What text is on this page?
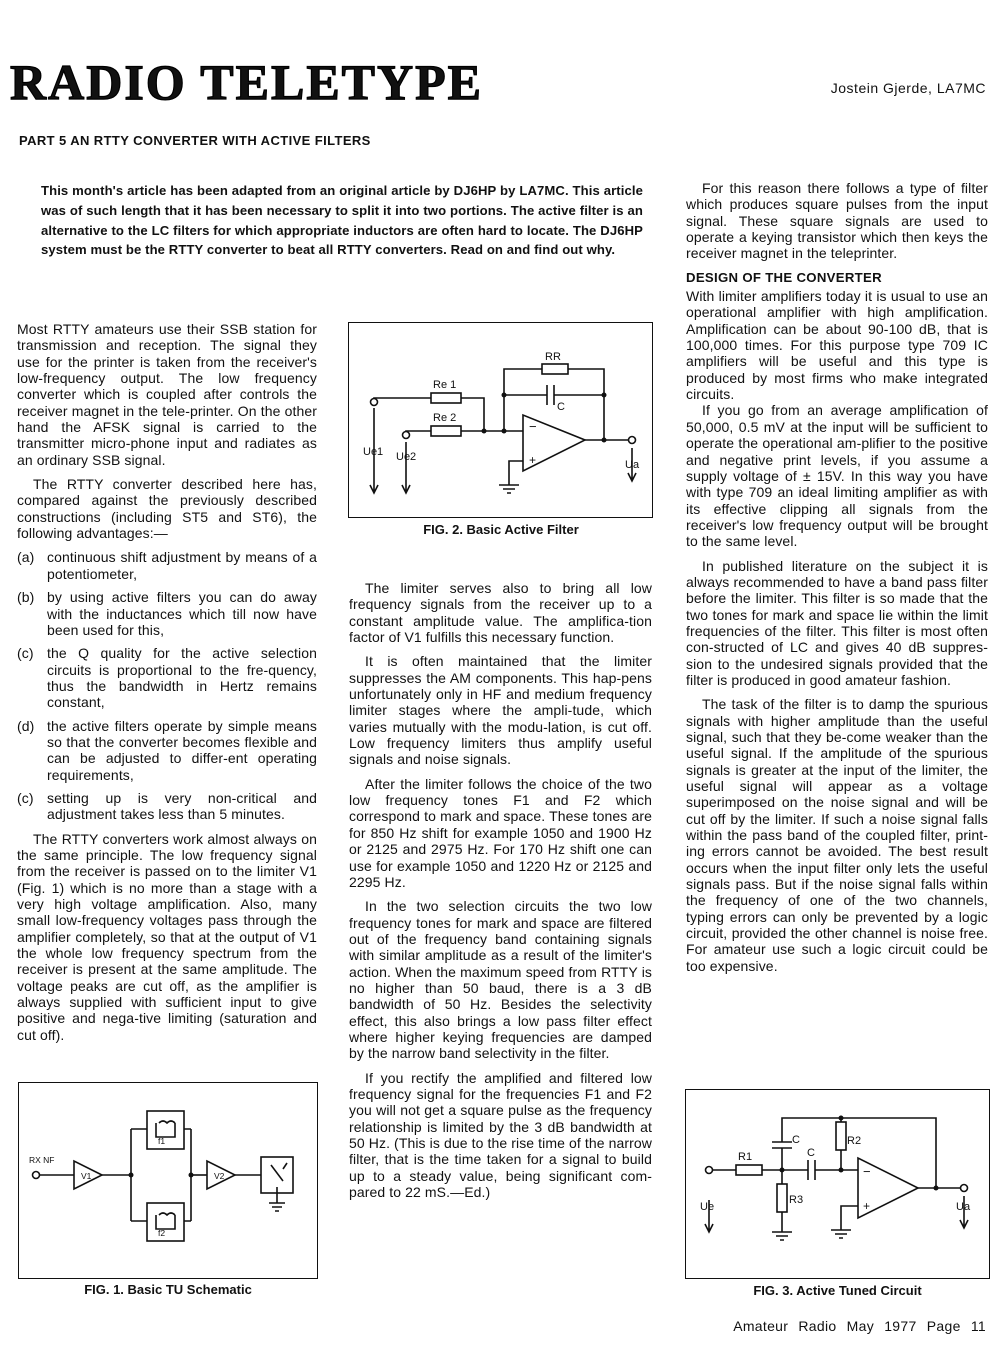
RADIO TELETYPE	Jostein Gjerde, LA7MC
PART 5 AN RTTY CONVERTER WITH ACTIVE FILTERS
This month's article has been adapted from an original article by DJ6HP by LA7MC. This article was of such length that it has been necessary to split it into two portions. The active filter is an alternative to the LC filters for which appropriate inductors are often hard to locate. The DJ6HP system must be the RTTY converter to beat all RTTY converters. Read on and find out why.

Most RTTY amateurs use their SSB station for transmission and reception. The signal they use for the printer is taken from the receiver's low-frequency output. The low frequency converter which is coupled after controls the receiver magnet in the tele-printer. On the other hand the AFSK signal is carried to the transmitter micro-phone input and radiates as an ordinary SSB signal.

The RTTY converter described here has, compared against the previously described constructions (including ST5 and ST6), the following advantages:—

(a) continuous shift adjustment by means of a potentiometer,
(b) by using active filters you can do away with the inductances which till now have been used for this,
(c) the Q quality for the active selection circuits is proportional to the fre-quency, thus the bandwidth in Hertz remains constant,
(d) the active filters operate by simple means so that the converter becomes flexible and can be adjusted to differ-ent operating requirements,
(c) setting up is very non-critical and adjustment takes less than 5 minutes.

The RTTY converters work almost always on the same principle. The low frequency signal from the receiver is passed on to the limiter V1 (Fig. 1) which is no more than a stage with a very high voltage amplification. Also, many small low-frequency voltages pass through the amplifier completely, so that at the output of V1 the whole low frequency spectrum from the receiver is present at the same amplitude. The voltage peaks are cut off, as the amplifier is always supplied with sufficient input to give positive and nega-tive limiting (saturation and cut off).

The limiter serves also to bring all low frequency signals from the receiver up to a constant amplitude value. The amplifica-tion factor of V1 fulfills this necessary function.

It is often maintained that the limiter suppresses the AM components. This hap-pens unfortunately only in HF and medium frequency limiter stages where the ampli-tude, which varies mutually with the modu-lation, is cut off. Low frequency limiters thus amplify useful signals and noise signals.

After the limiter follows the choice of the two low frequency tones F1 and F2 which correspond to mark and space. These tones are for 850 Hz shift for example 1050 and 1900 Hz or 2125 and 2975 Hz. For 170 Hz shift one can use for example 1050 and 1220 Hz or 2125 and 2295 Hz.

In the two selection circuits the two low frequency tones for mark and space are filtered out of the frequency band containing signals with similar amplitude as a result of the limiter's action. When the maximum speed from RTTY is no higher than 50 baud, there is a 3 dB bandwidth of 50 Hz. Besides the selectivity effect, this also brings a low pass filter effect where higher keying frequencies are damped by the narrow band selectivity in the filter.

If you rectify the amplified and filtered low frequency signal for the frequencies F1 and F2 you will not get a square pulse as the frequency relationship is limited by the 3 dB bandwidth at 50 Hz. (This is due to the rise time of the narrow filter, that is the time taken for a signal to build up to a steady value, being significant com-pared to 22 mS.—Ed.)

For this reason there follows a type of filter which produces square pulses from the input signal. These square signals are used to operate a keying transistor which then keys the receiver magnet in the teleprinter.

DESIGN OF THE CONVERTER

With limiter amplifiers today it is usual to use an operational amplifier with high amplification. Amplification can be about 90-100 dB, that is 100,000 times. For this purpose type 709 IC amplifiers will be useful and this type is produced by most firms who make integrated circuits.

If you go from an average amplification of 50,000, 0.5 mV at the input will be sufficient to operate the operational am-plifier to the positive and negative print levels, if you assume a supply voltage of ± 15V. In this way you have with type 709 an ideal limiting amplifier as with its effective clipping all signals from the receiver's low frequency output will be brought to the same level.

In published literature on the subject it is always recommended to have a band pass filter before the limiter. This filter is so made that the two tones for mark and space lie within the limit frequencies of the filter. This filter is most often con-structed of LC and gives 40 dB suppres-sion to the undesired signals provided that the filter is produced in good amateur fashion.

The task of the filter is to damp the spurious signals with higher amplitude than the useful signal, such that they be-come weaker than the useful signal. If the amplitude of the spurious signals is greater at the input of the limiter, the useful signal will appear as a voltage superimposed on the noise signal and will be cut off by the limiter. If such a noise signal falls within the pass band of the coupled filter, print-ing errors cannot be avoided. The best result occurs when the input filter only lets the useful signals pass. But if the noise signal falls within the frequency of one of the two channels, typing errors can only be prevented by a logic circuit, provided the other channel is noise free. For amateur use such a logic circuit could be too expensive.

RR
Re 1
Re 2
C
Ue1 Ue2
Ua
−
+
FIG. 2. Basic Active Filter
RX NF
V1	V2
f1
f2
FIG. 1. Basic TU Schematic
R1
R2
R3
C
C
Ue	Ua
−
+
FIG. 3. Active Tuned Circuit
Amateur Radio May 1977 Page 11
